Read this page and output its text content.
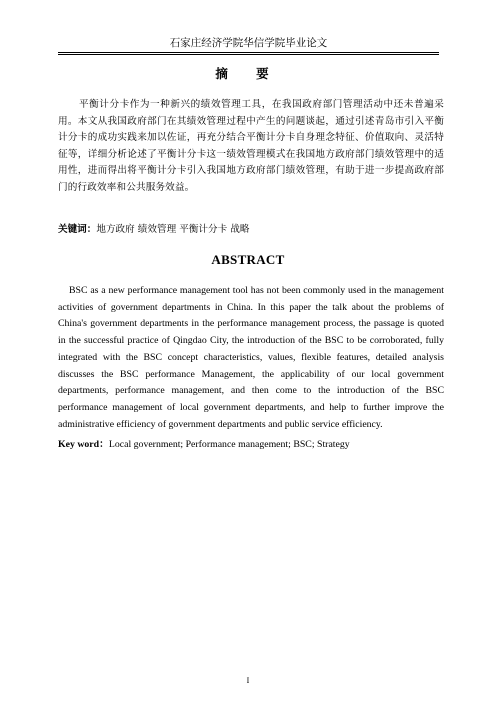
石家庄经济学院华信学院毕业论文
摘 要
平衡计分卡作为一种新兴的绩效管理工具，在我国政府部门管理活动中还未普遍采用。本文从我国政府部门在其绩效管理过程中产生的问题谈起，通过引述青岛市引入平衡计分卡的成功实践来加以佐证，再充分结合平衡计分卡自身理念特征、价值取向、灵活特征等，详细分析论述了平衡计分卡这一绩效管理模式在我国地方政府部门绩效管理中的适用性，进而得出将平衡计分卡引入我国地方政府部门绩效管理，有助于进一步提高政府部门的行政效率和公共服务效益。
关键词：地方政府 绩效管理 平衡计分卡 战略
ABSTRACT
BSC as a new performance management tool has not been commonly used in the management activities of government departments in China. In this paper the talk about the problems of China's government departments in the performance management process, the passage is quoted in the successful practice of Qingdao City, the introduction of the BSC to be corroborated, fully integrated with the BSC concept characteristics, values, flexible features, detailed analysis discusses the BSC performance Management, the applicability of our local government departments, performance management, and then come to the introduction of the BSC performance management of local government departments, and help to further improve the administrative efficiency of government departments and public service efficiency.
Key word：Local government; Performance management; BSC; Strategy
I
